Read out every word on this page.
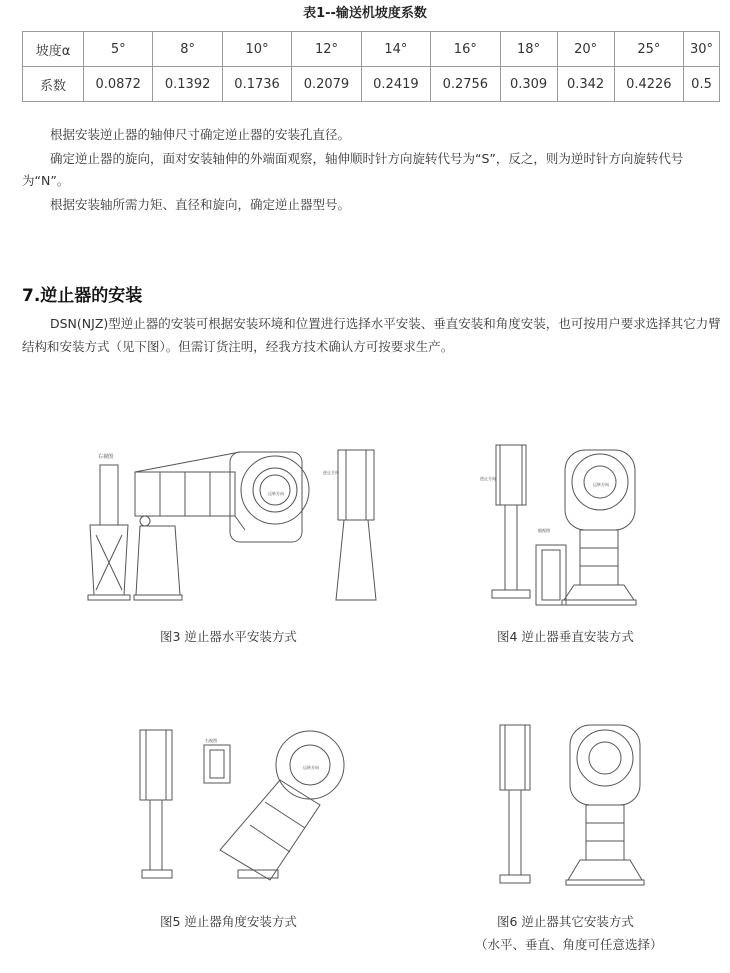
表1--输送机坡度系数
坡度α	5°	8°	10°	12°	14°	16°	18°	20°	25°	30°
系数	0.0872	0.1392	0.1736	0.2079	0.2419	0.2756	0.309	0.342	0.4226	0.5

根据安装逆止器的轴伸尺寸确定逆止器的安装孔直径。

确定逆止器的旋向，面对安装轴伸的外端面观察，轴伸顺时针方向旋转代号为“S”，反之，则为逆时针方向旋转代号为“N”。

根据安装轴所需力矩、直径和旋向，确定逆止器型号。

7.逆止器的安装

DSN(NJZ)型逆止器的安装可根据安装环境和位置进行选择水平安装、垂直安装和角度安装，也可按用户要求选择其它力臂结构和安装方式（见下图）。但需订货注明，经我方技术确认方可按要求生产。

右视图
运转方向
逆止方向
图3 逆止器水平安装方式
逆止方向
俯视图
运转方向
图4 逆止器垂直安装方式
右视图
运转方向
图5 逆止器角度安装方式	图6 逆止器其它安装方式
（水平、垂直、角度可任意选择）
